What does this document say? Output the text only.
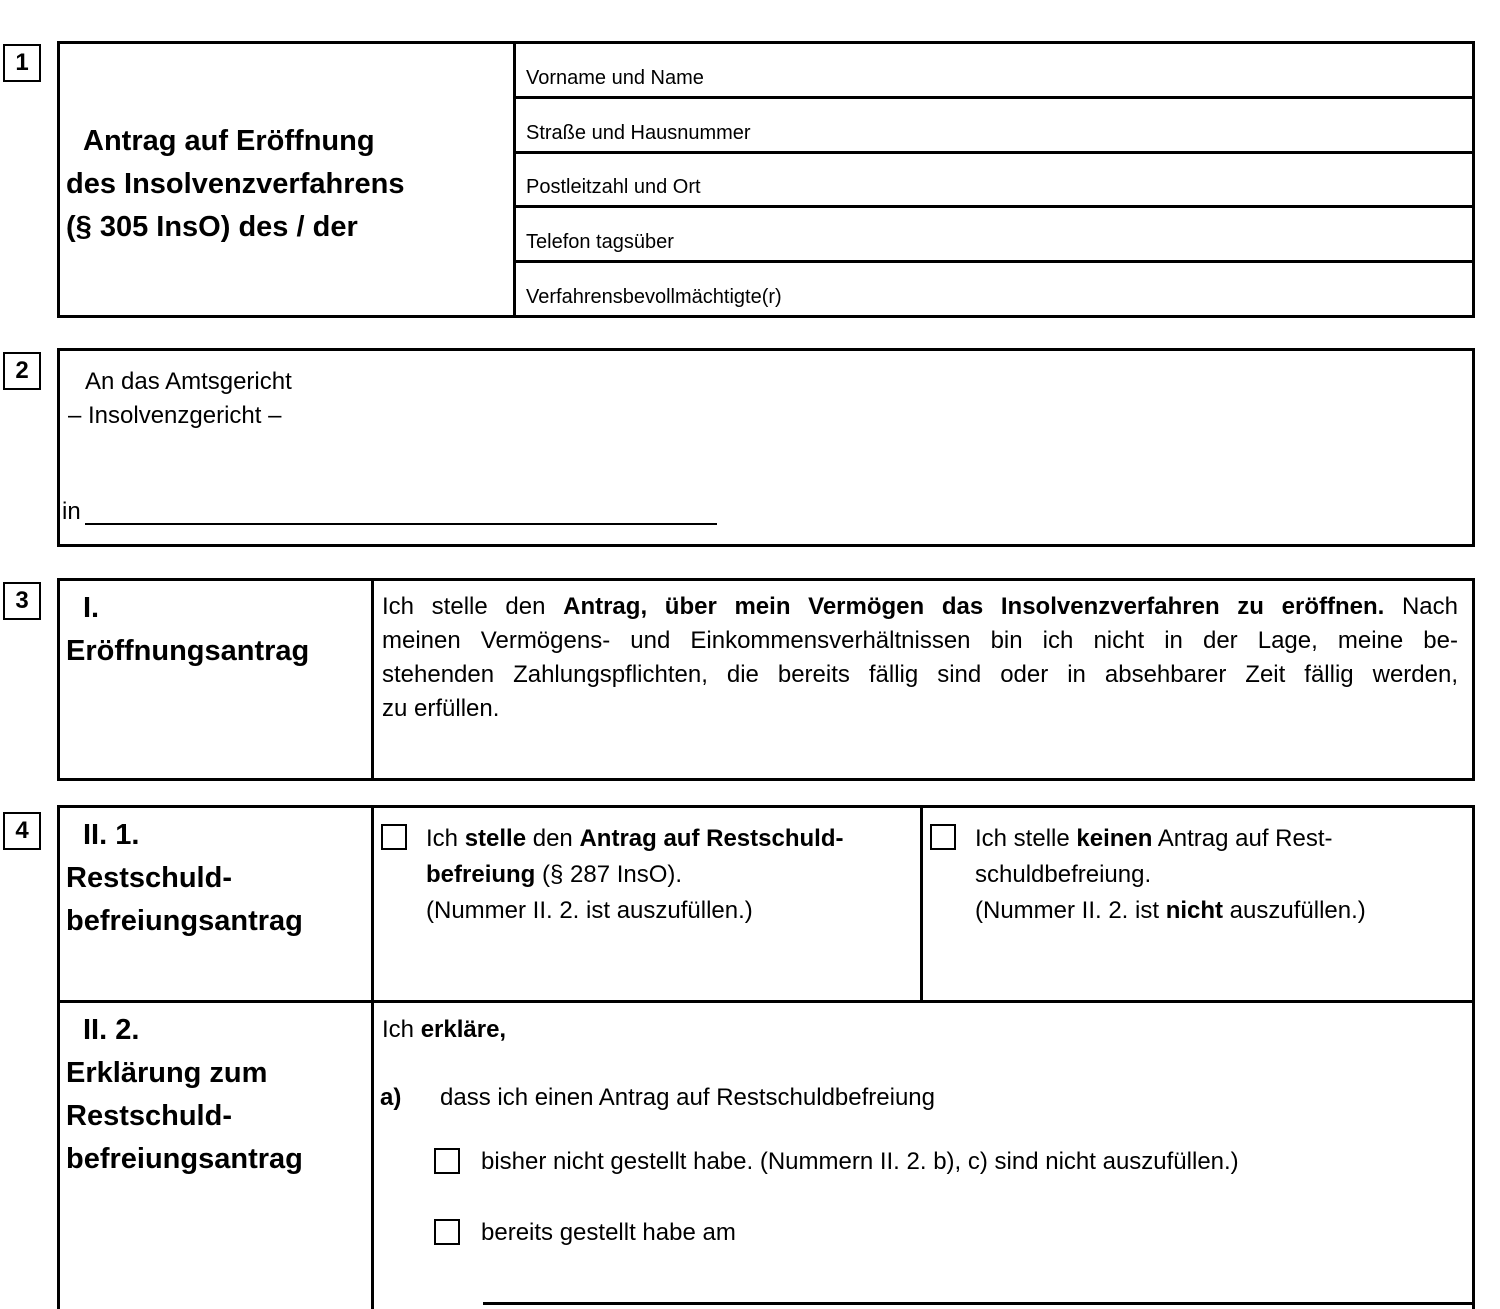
1
2
3
4
Antrag auf Eröffnung
des Insolvenzverfahrens
(§ 305 InsO) des / der
Vorname und Name
Straße und Hausnummer
Postleitzahl und Ort
Telefon tagsüber
Verfahrensbevollmächtigte(r)
An das Amtsgericht
– Insolvenzgericht –
in
I.
Eröffnungsantrag
Ich stelle den Antrag, über mein Vermögen das Insolvenzverfahren zu eröffnen. Nach
meinen Vermögens- und Einkommensverhältnissen bin ich nicht in der Lage, meine be-
stehenden Zahlungspflichten, die bereits fällig sind oder in absehbarer Zeit fällig werden,
zu erfüllen.
II. 1.
Restschuld-
befreiungsantrag
Ich stelle den Antrag auf Restschuld-
befreiung (§ 287 InsO).
(Nummer II. 2. ist auszufüllen.)
Ich stelle keinen Antrag auf Rest-
schuldbefreiung.
(Nummer II. 2. ist nicht auszufüllen.)
II. 2.
Erklärung zum
Restschuld-
befreiungsantrag
Ich erkläre,
a)	dass ich einen Antrag auf Restschuldbefreiung
bisher nicht gestellt habe. (Nummern II. 2. b), c) sind nicht auszufüllen.)
bereits gestellt habe am
